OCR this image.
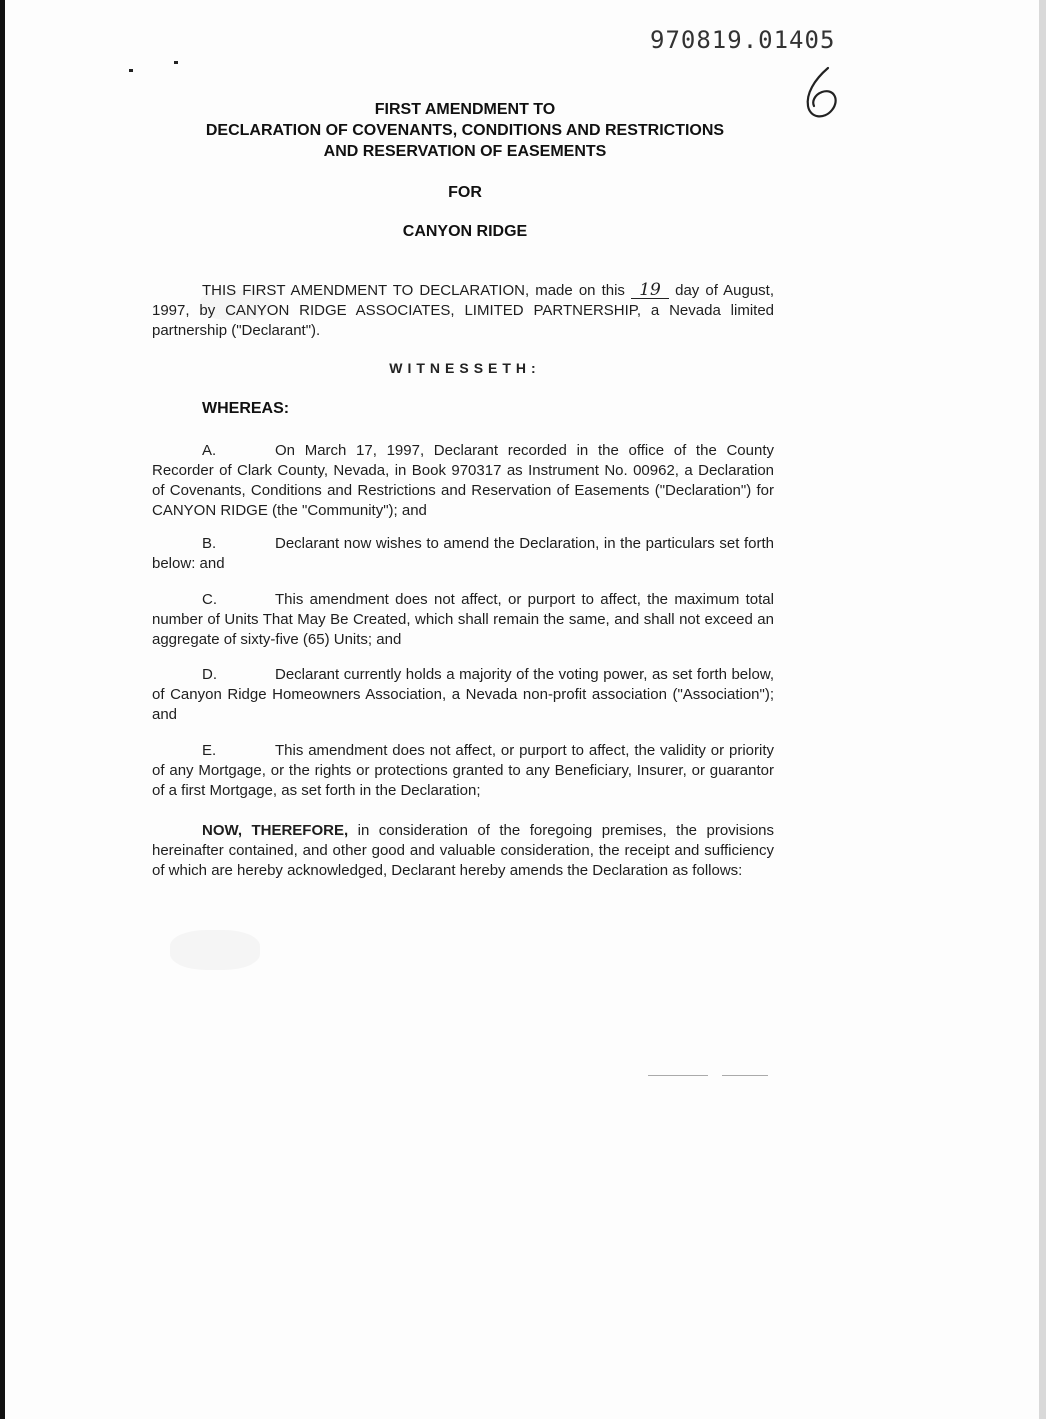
970819.01405
FIRST AMENDMENT TO
DECLARATION OF COVENANTS, CONDITIONS AND RESTRICTIONS
AND RESERVATION OF EASEMENTS
FOR
CANYON RIDGE
THIS FIRST AMENDMENT TO DECLARATION, made on this 19 day of August, 1997, by CANYON RIDGE ASSOCIATES, LIMITED PARTNERSHIP, a Nevada limited partnership ("Declarant").
WITNESSETH:
WHEREAS:
A.	On March 17, 1997, Declarant recorded in the office of the County Recorder of Clark County, Nevada, in Book 970317 as Instrument No. 00962, a Declaration of Covenants, Conditions and Restrictions and Reservation of Easements ("Declaration") for CANYON RIDGE (the "Community"); and
B.	Declarant now wishes to amend the Declaration, in the particulars set forth below: and
C.	This amendment does not affect, or purport to affect, the maximum total number of Units That May Be Created, which shall remain the same, and shall not exceed an aggregate of sixty-five (65) Units; and
D.	Declarant currently holds a majority of the voting power, as set forth below, of Canyon Ridge Homeowners Association, a Nevada non-profit association ("Association"); and
E.	This amendment does not affect, or purport to affect, the validity or priority of any Mortgage, or the rights or protections granted to any Beneficiary, Insurer, or guarantor of a first Mortgage, as set forth in the Declaration;
NOW, THEREFORE, in consideration of the foregoing premises, the provisions hereinafter contained, and other good and valuable consideration, the receipt and sufficiency of which are hereby acknowledged, Declarant hereby amends the Declaration as follows:
